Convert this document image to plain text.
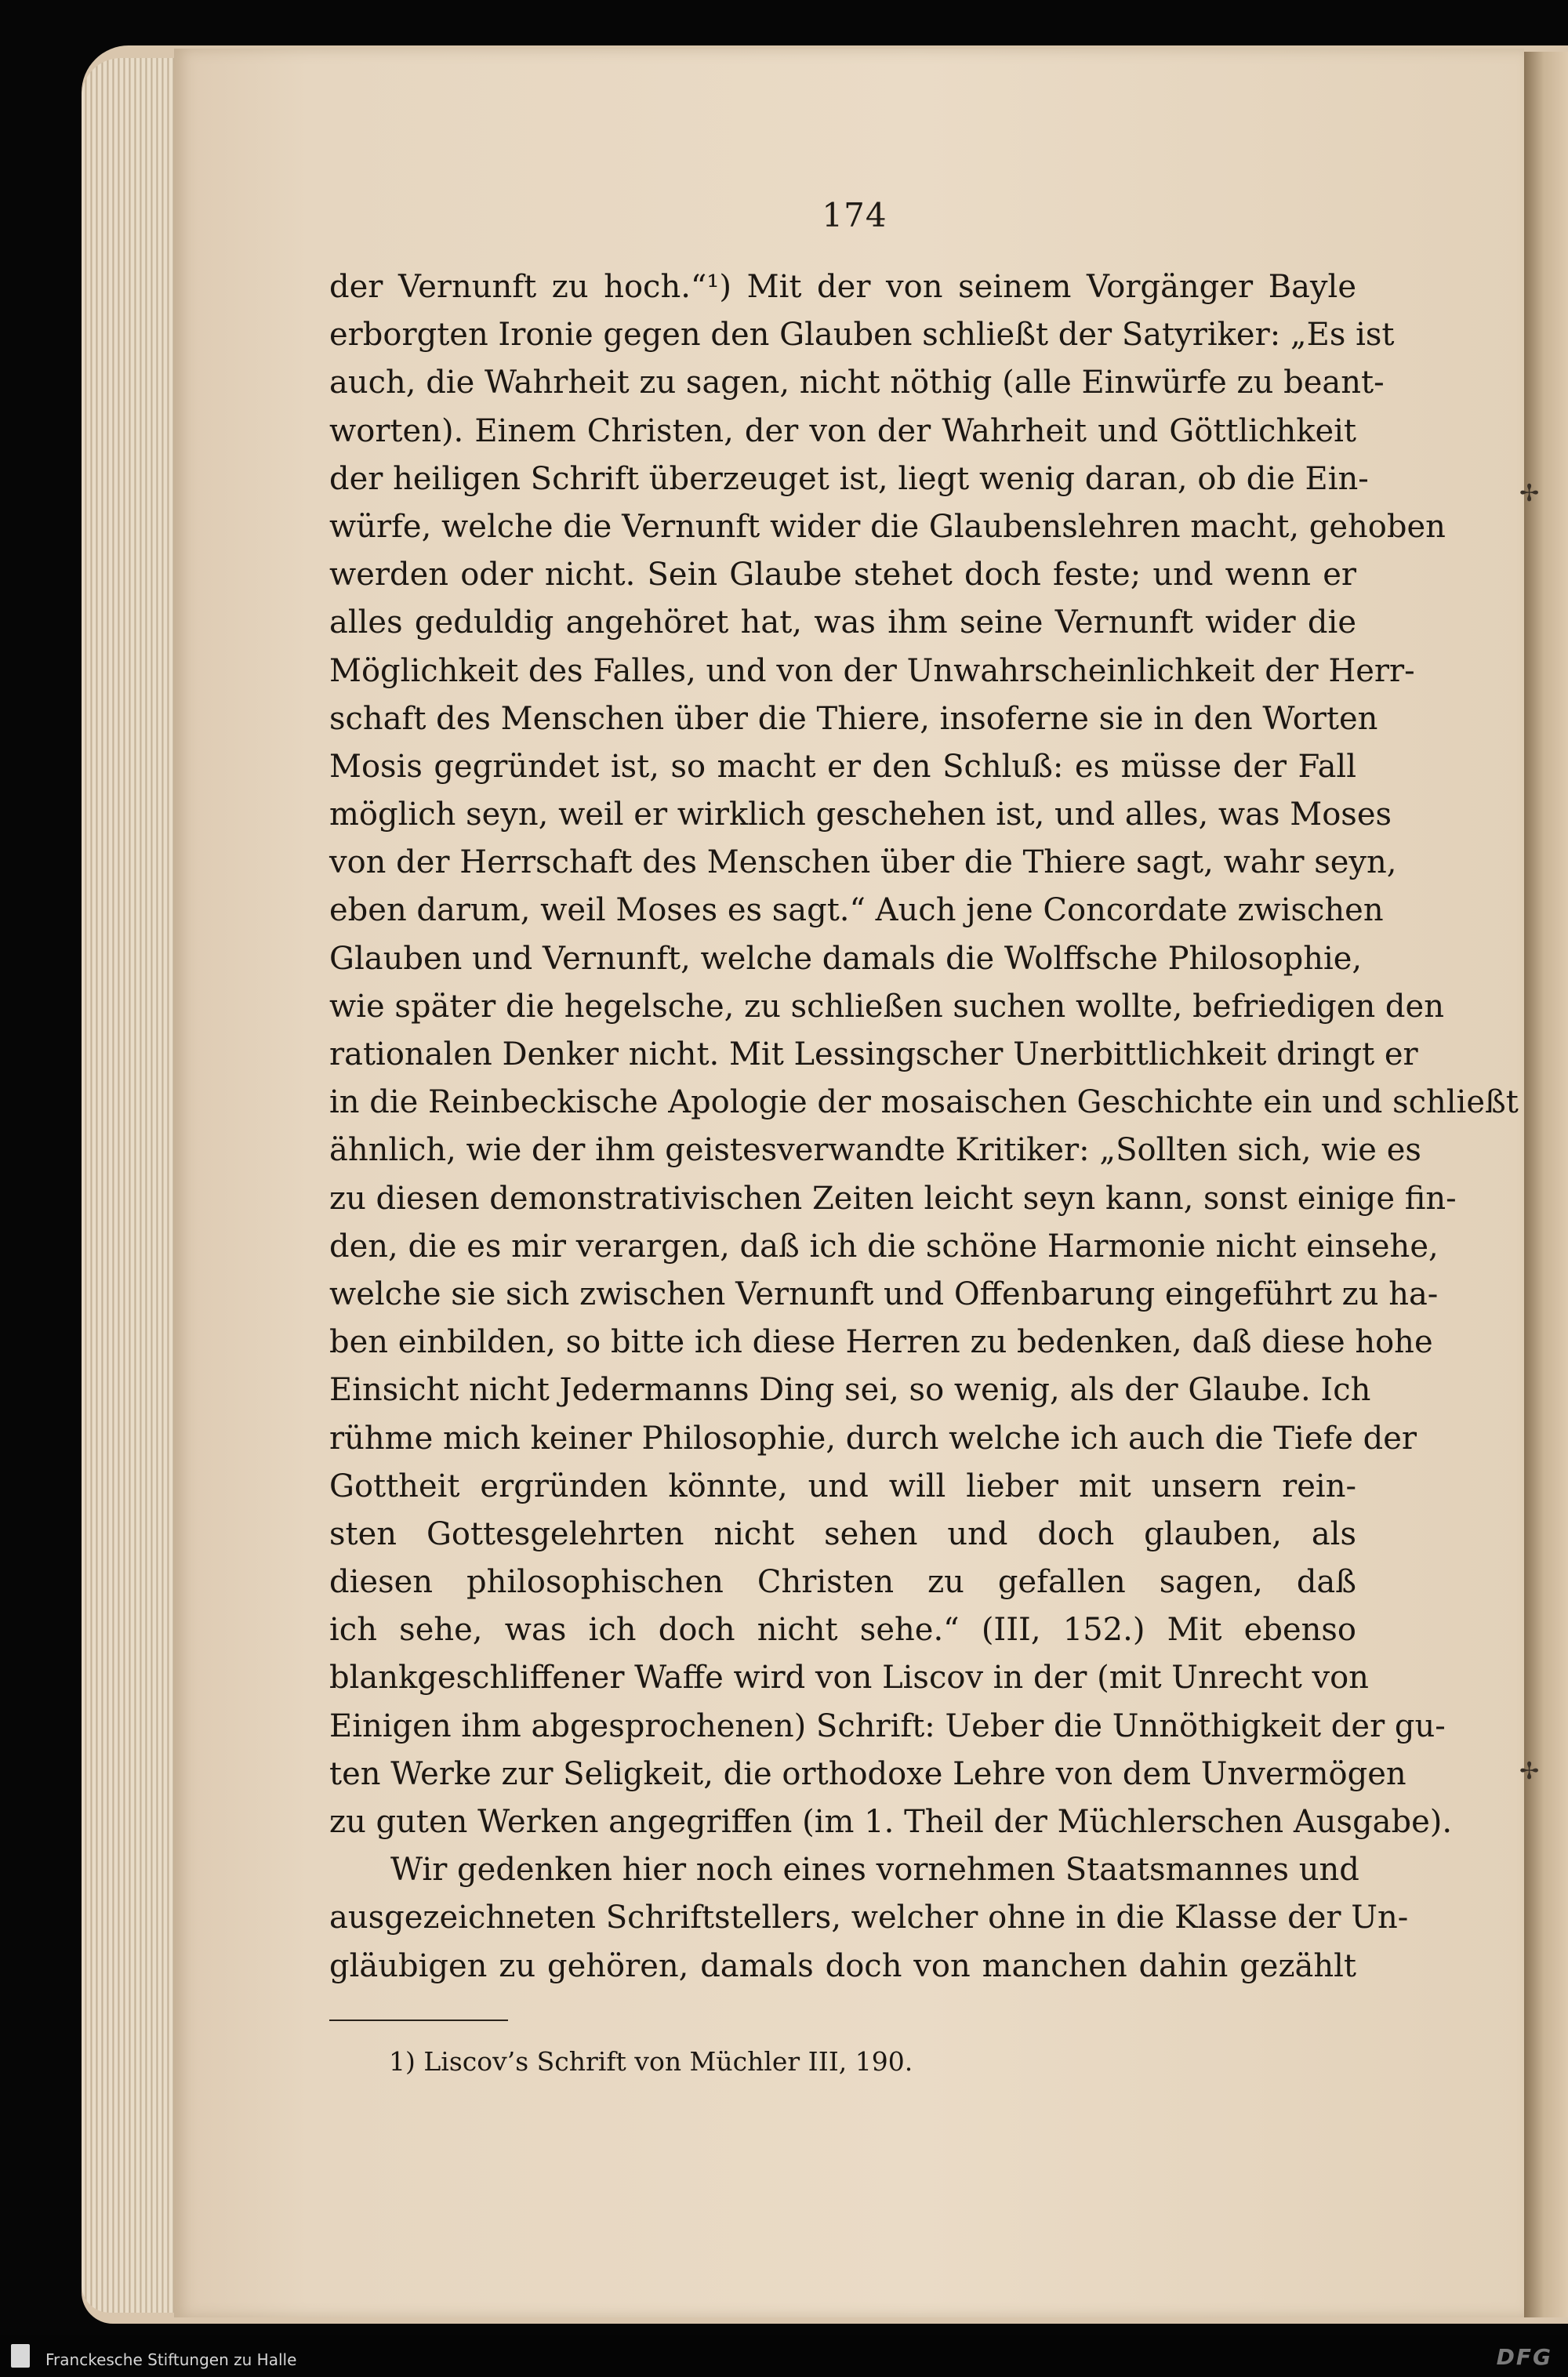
174
der Vernunft zu hoch.“¹) Mit der von seinem Vorgänger Bayle
erborgten Ironie gegen den Glauben schließt der Satyriker: „Es ist
auch, die Wahrheit zu sagen, nicht nöthig (alle Einwürfe zu beant-
worten). Einem Christen, der von der Wahrheit und Göttlichkeit
der heiligen Schrift überzeuget ist, liegt wenig daran, ob die Ein-
würfe, welche die Vernunft wider die Glaubenslehren macht, gehoben
werden oder nicht. Sein Glaube stehet doch feste; und wenn er
alles geduldig angehöret hat, was ihm seine Vernunft wider die
Möglichkeit des Falles, und von der Unwahrscheinlichkeit der Herr-
schaft des Menschen über die Thiere, insoferne sie in den Worten
Mosis gegründet ist, so macht er den Schluß: es müsse der Fall
möglich seyn, weil er wirklich geschehen ist, und alles, was Moses
von der Herrschaft des Menschen über die Thiere sagt, wahr seyn,
eben darum, weil Moses es sagt.“ Auch jene Concordate zwischen
Glauben und Vernunft, welche damals die Wolffsche Philosophie,
wie später die hegelsche, zu schließen suchen wollte, befriedigen den
rationalen Denker nicht. Mit Lessingscher Unerbittlichkeit dringt er
in die Reinbeckische Apologie der mosaischen Geschichte ein und schließt
ähnlich, wie der ihm geistesverwandte Kritiker: „Sollten sich, wie es
zu diesen demonstrativischen Zeiten leicht seyn kann, sonst einige fin-
den, die es mir verargen, daß ich die schöne Harmonie nicht einsehe,
welche sie sich zwischen Vernunft und Offenbarung eingeführt zu ha-
ben einbilden, so bitte ich diese Herren zu bedenken, daß diese hohe
Einsicht nicht Jedermanns Ding sei, so wenig, als der Glaube. Ich
rühme mich keiner Philosophie, durch welche ich auch die Tiefe der
Gottheit ergründen könnte, und will lieber mit unsern rein-
sten Gottesgelehrten nicht sehen und doch glauben, als
diesen philosophischen Christen zu gefallen sagen, daß
ich sehe, was ich doch nicht sehe.“ (III, 152.) Mit ebenso
blankgeschliffener Waffe wird von Liscov in der (mit Unrecht von
Einigen ihm abgesprochenen) Schrift: Ueber die Unnöthigkeit der gu-
ten Werke zur Seligkeit, die orthodoxe Lehre von dem Unvermögen
zu guten Werken angegriffen (im 1. Theil der Müchlerschen Ausgabe).
Wir gedenken hier noch eines vornehmen Staatsmannes und
ausgezeichneten Schriftstellers, welcher ohne in die Klasse der Un-
gläubigen zu gehören, damals doch von manchen dahin gezählt
1) Liscov’s Schrift von Müchler III, 190.
✢
✢
Franckesche Stiftungen zu Halle	DFG
